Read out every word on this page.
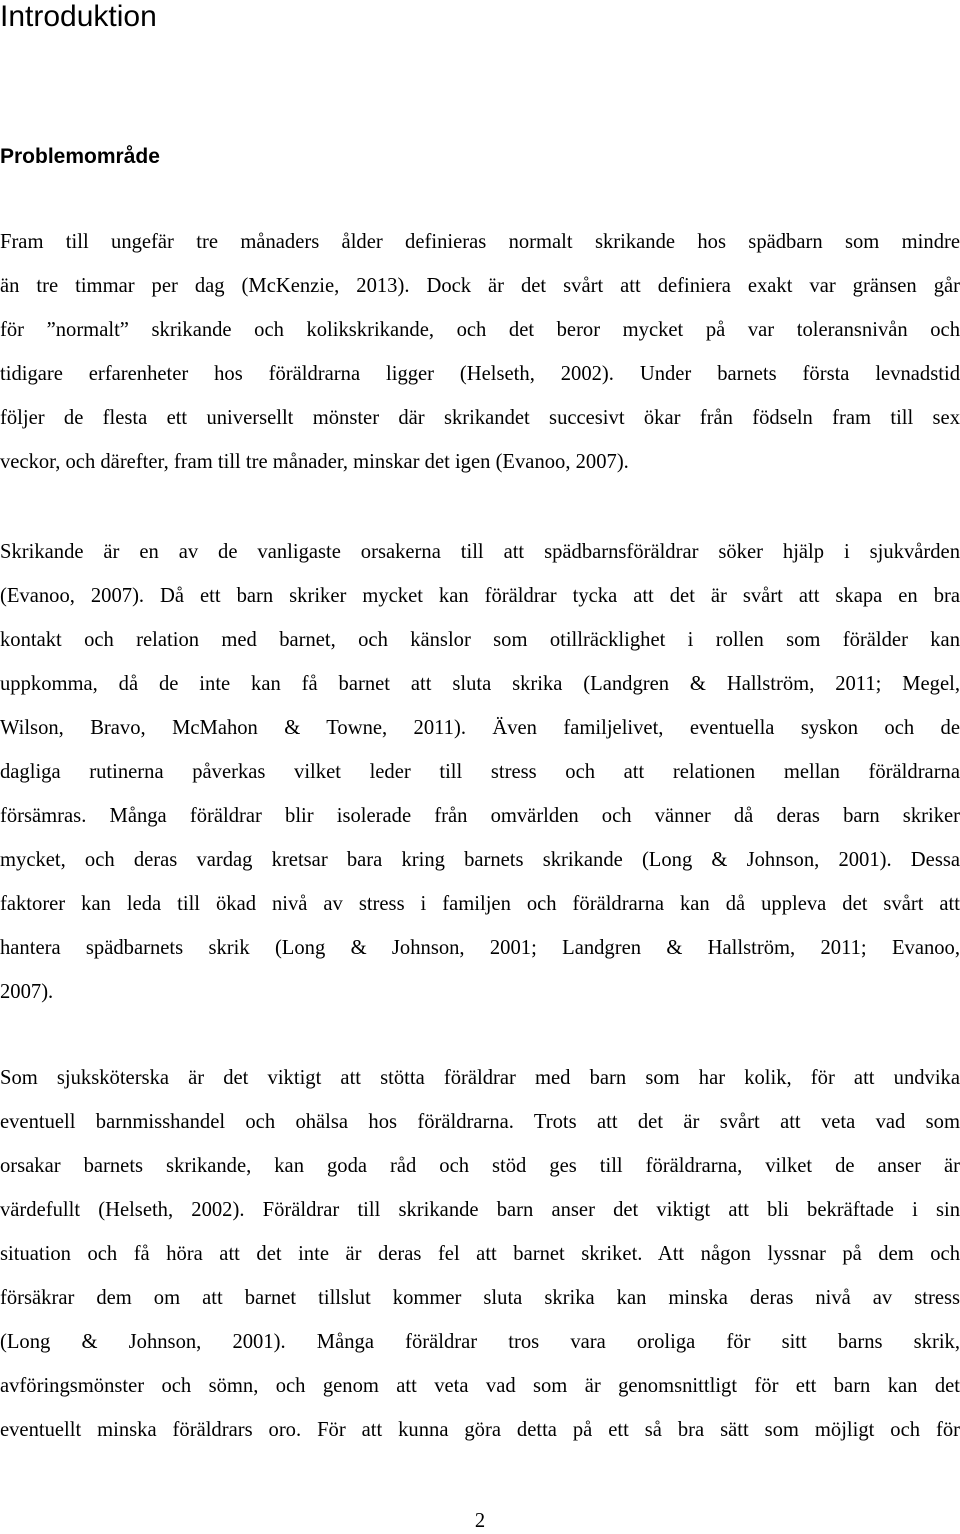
Introduktion
Problemområde
Fram till ungefär tre månaders ålder definieras normalt skrikande hos spädbarn som mindre
än tre timmar per dag (McKenzie, 2013). Dock är det svårt att definiera exakt var gränsen går
för ”normalt” skrikande och kolikskrikande, och det beror mycket på var toleransnivån och
tidigare erfarenheter hos föräldrarna ligger (Helseth, 2002). Under barnets första levnadstid
följer de flesta ett universellt mönster där skrikandet succesivt ökar från födseln fram till sex
veckor, och därefter, fram till tre månader, minskar det igen (Evanoo, 2007).
Skrikande är en av de vanligaste orsakerna till att spädbarnsföräldrar söker hjälp i sjukvården
(Evanoo, 2007). Då ett barn skriker mycket kan föräldrar tycka att det är svårt att skapa en bra
kontakt och relation med barnet, och känslor som otillräcklighet i rollen som förälder kan
uppkomma, då de inte kan få barnet att sluta skrika (Landgren & Hallström, 2011; Megel,
Wilson, Bravo, McMahon & Towne, 2011). Även familjelivet, eventuella syskon och de
dagliga rutinerna påverkas vilket leder till stress och att relationen mellan föräldrarna
försämras. Många föräldrar blir isolerade från omvärlden och vänner då deras barn skriker
mycket, och deras vardag kretsar bara kring barnets skrikande (Long & Johnson, 2001). Dessa
faktorer kan leda till ökad nivå av stress i familjen och föräldrarna kan då uppleva det svårt att
hantera spädbarnets skrik (Long & Johnson, 2001; Landgren & Hallström, 2011; Evanoo,
2007).
Som sjuksköterska är det viktigt att stötta föräldrar med barn som har kolik, för att undvika
eventuell barnmisshandel och ohälsa hos föräldrarna. Trots att det är svårt att veta vad som
orsakar barnets skrikande, kan goda råd och stöd ges till föräldrarna, vilket de anser är
värdefullt (Helseth, 2002). Föräldrar till skrikande barn anser det viktigt att bli bekräftade i sin
situation och få höra att det inte är deras fel att barnet skriket. Att någon lyssnar på dem och
försäkrar dem om att barnet tillslut kommer sluta skrika kan minska deras nivå av stress
(Long & Johnson, 2001). Många föräldrar tros vara oroliga för sitt barns skrik,
avföringsmönster och sömn, och genom att veta vad som är genomsnittligt för ett barn kan det
eventuellt minska föräldrars oro. För att kunna göra detta på ett så bra sätt som möjligt och för
2
